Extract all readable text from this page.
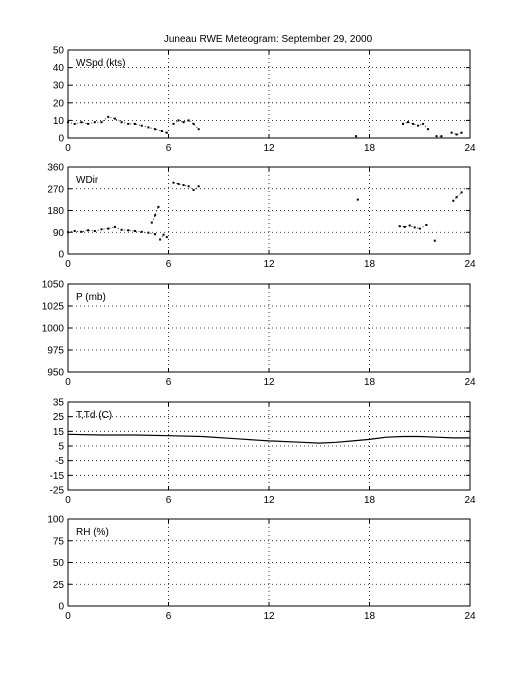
Juneau RWE Meteogram: September 29, 2000
0	6	12	18	24
0
10
20
30
40
50
WSpd (kts)
0	6	12	18	24
0
90
180
270
360
WDir
0	6	12	18	24
950
975
1000
1025
1050
P (mb)
0	6	12	18	24
-25
-15
-5
5
15
25
35
T,Td (C)
0	6	12	18	24
0
25
50
75
100
RH (%)
